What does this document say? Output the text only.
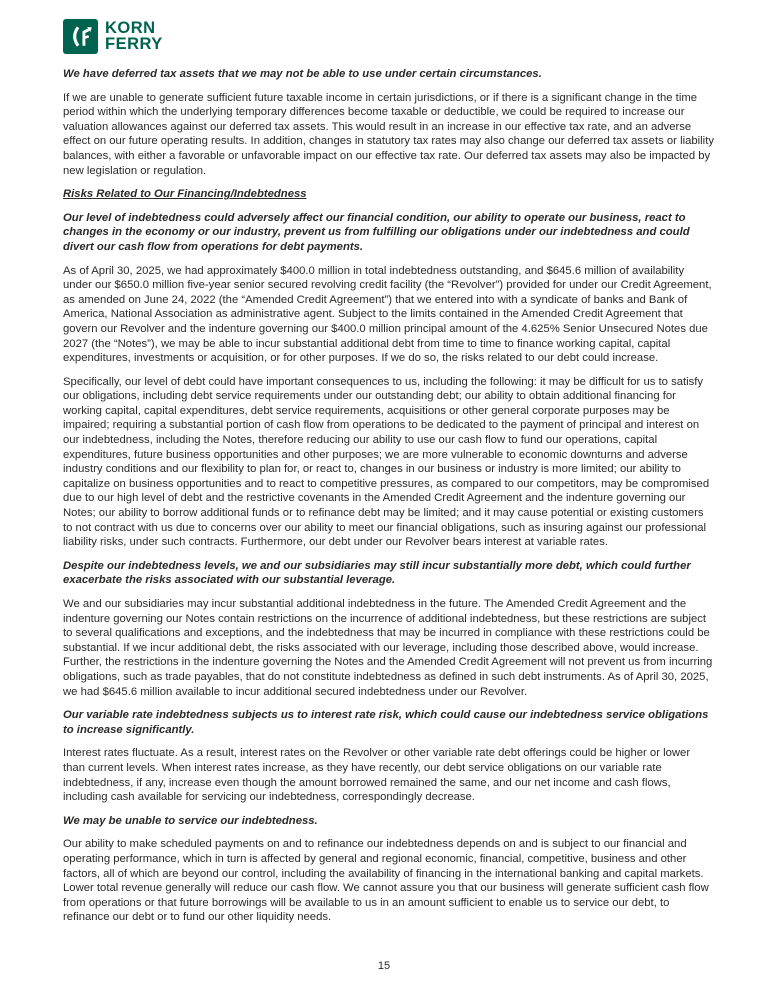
KORN
FERRY

We have deferred tax assets that we may not be able to use under certain circumstances.

If we are unable to generate sufficient future taxable income in certain jurisdictions, or if there is a significant change in the time period within which the underlying temporary differences become taxable or deductible, we could be required to increase our valuation allowances against our deferred tax assets. This would result in an increase in our effective tax rate, and an adverse effect on our future operating results. In addition, changes in statutory tax rates may also change our deferred tax assets or liability balances, with either a favorable or unfavorable impact on our effective tax rate. Our deferred tax assets may also be impacted by new legislation or regulation.

Risks Related to Our Financing/Indebtedness

Our level of indebtedness could adversely affect our financial condition, our ability to operate our business, react to changes in the economy or our industry, prevent us from fulfilling our obligations under our indebtedness and could divert our cash flow from operations for debt payments.

As of April 30, 2025, we had approximately $400.0 million in total indebtedness outstanding, and $645.6 million of availability under our $650.0 million five-year senior secured revolving credit facility (the “Revolver”) provided for under our Credit Agreement, as amended on June 24, 2022 (the “Amended Credit Agreement”) that we entered into with a syndicate of banks and Bank of America, National Association as administrative agent. Subject to the limits contained in the Amended Credit Agreement that govern our Revolver and the indenture governing our $400.0 million principal amount of the 4.625% Senior Unsecured Notes due 2027 (the “Notes”), we may be able to incur substantial additional debt from time to time to finance working capital, capital expenditures, investments or acquisition, or for other purposes. If we do so, the risks related to our debt could increase.

Specifically, our level of debt could have important consequences to us, including the following: it may be difficult for us to satisfy our obligations, including debt service requirements under our outstanding debt; our ability to obtain additional financing for working capital, capital expenditures, debt service requirements, acquisitions or other general corporate purposes may be impaired; requiring a substantial portion of cash flow from operations to be dedicated to the payment of principal and interest on our indebtedness, including the Notes, therefore reducing our ability to use our cash flow to fund our operations, capital expenditures, future business opportunities and other purposes; we are more vulnerable to economic downturns and adverse industry conditions and our flexibility to plan for, or react to, changes in our business or industry is more limited; our ability to capitalize on business opportunities and to react to competitive pressures, as compared to our competitors, may be compromised due to our high level of debt and the restrictive covenants in the Amended Credit Agreement and the indenture governing our Notes; our ability to borrow additional funds or to refinance debt may be limited; and it may cause potential or existing customers to not contract with us due to concerns over our ability to meet our financial obligations, such as insuring against our professional liability risks, under such contracts. Furthermore, our debt under our Revolver bears interest at variable rates.

Despite our indebtedness levels, we and our subsidiaries may still incur substantially more debt, which could further exacerbate the risks associated with our substantial leverage.

We and our subsidiaries may incur substantial additional indebtedness in the future. The Amended Credit Agreement and the indenture governing our Notes contain restrictions on the incurrence of additional indebtedness, but these restrictions are subject to several qualifications and exceptions, and the indebtedness that may be incurred in compliance with these restrictions could be substantial. If we incur additional debt, the risks associated with our leverage, including those described above, would increase. Further, the restrictions in the indenture governing the Notes and the Amended Credit Agreement will not prevent us from incurring obligations, such as trade payables, that do not constitute indebtedness as defined in such debt instruments. As of April 30, 2025, we had $645.6 million available to incur additional secured indebtedness under our Revolver.

Our variable rate indebtedness subjects us to interest rate risk, which could cause our indebtedness service obligations to increase significantly.

Interest rates fluctuate. As a result, interest rates on the Revolver or other variable rate debt offerings could be higher or lower than current levels. When interest rates increase, as they have recently, our debt service obligations on our variable rate indebtedness, if any, increase even though the amount borrowed remained the same, and our net income and cash flows, including cash available for servicing our indebtedness, correspondingly decrease.

We may be unable to service our indebtedness.

Our ability to make scheduled payments on and to refinance our indebtedness depends on and is subject to our financial and operating performance, which in turn is affected by general and regional economic, financial, competitive, business and other factors, all of which are beyond our control, including the availability of financing in the international banking and capital markets. Lower total revenue generally will reduce our cash flow. We cannot assure you that our business will generate sufficient cash flow from operations or that future borrowings will be available to us in an amount sufficient to enable us to service our debt, to refinance our debt or to fund our other liquidity needs.

15
